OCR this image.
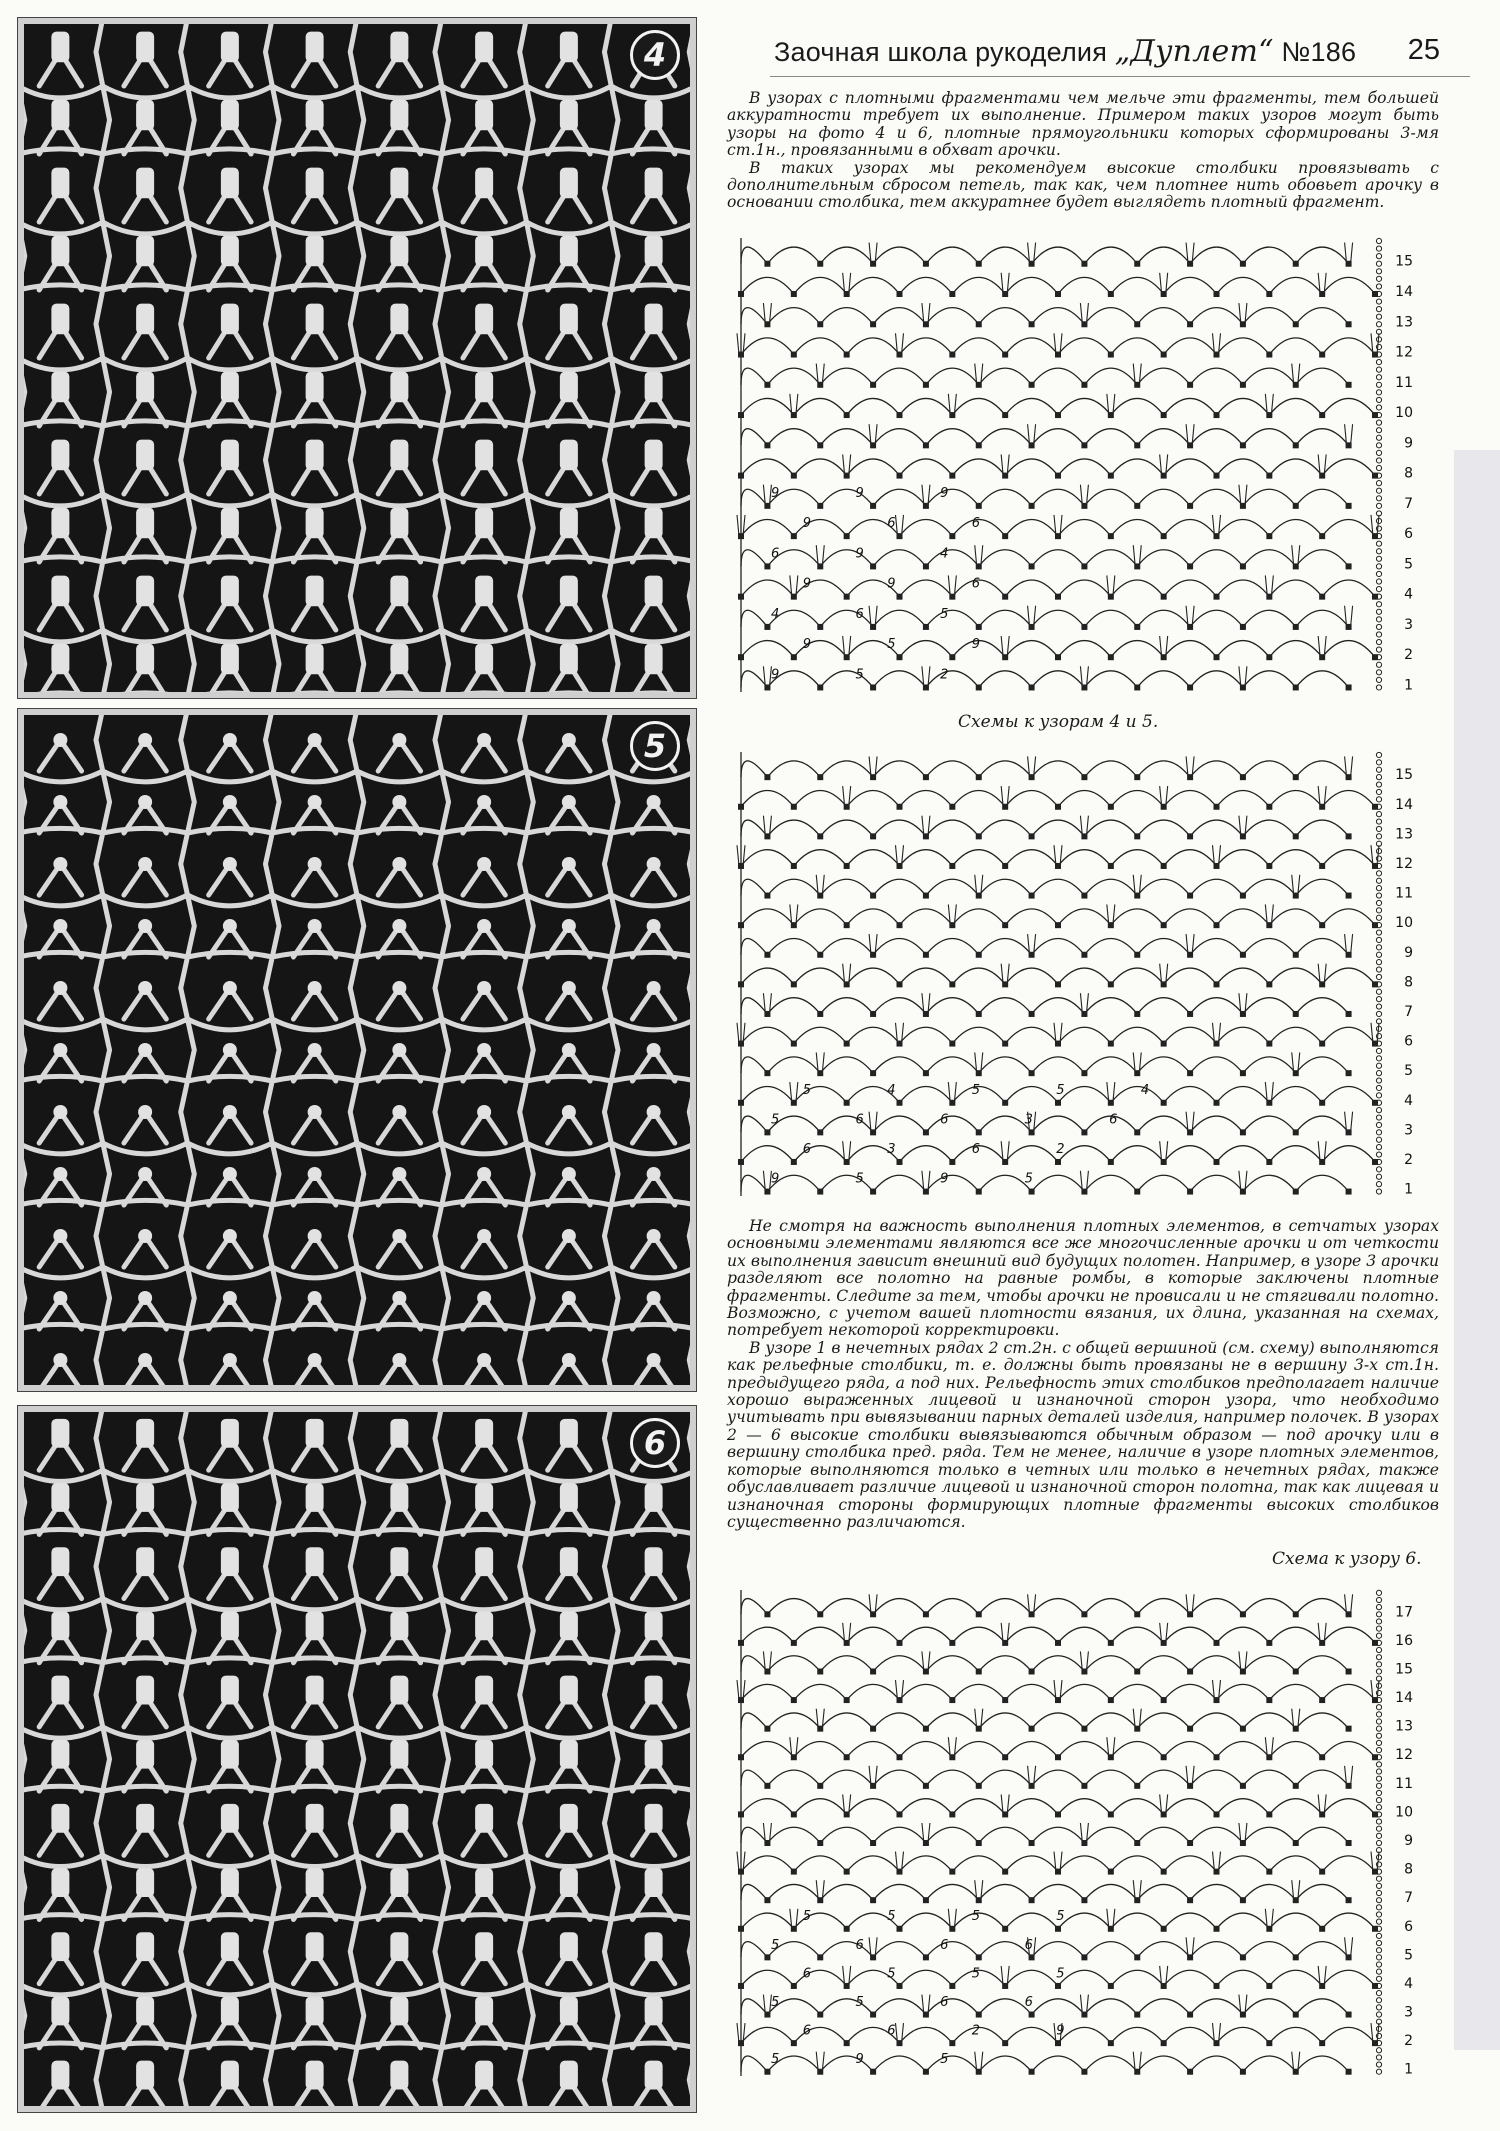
4
5
6
Заочная школа рукоделия „Дуплет“ №186 25

В узорах с плотными фрагментами чем мельче эти фрагменты, тем большей аккуратности требует их выполнение. Примером таких узоров могут быть узоры на фото 4 и 6, плотные прямоугольники которых сформированы 3-мя ст.1н., провязанными в обхват арочки.

В таких узорах мы рекомендуем высокие столбики провязывать с дополнительным сбросом петель, так как, чем плотнее нить обовьет арочку в основании столбика, тем аккуратнее будет выглядеть плотный фрагмент.

15
14
13
12
11
10
9
8
7
6
5
4
3
2
1
9	9	9
9	6	6
6	9	4
9	9	6
4	6	5
9	5	9
9	5	2
Схемы к узорам 4 и 5.
15
14
13
12
11
10
9
8
7
6
5
4
3
2
1
5	4	5	5	4
5	6	6	3	6
6	3	6	2
9	5	9	5

Не смотря на важность выполнения плотных элементов, в сетчатых узорах основными элементами являются все же многочисленные арочки и от четкости их выполнения зависит внешний вид будущих полотен. Например, в узоре 3 арочки разделяют все полотно на равные ромбы, в которые заключены плотные фрагменты. Следите за тем, чтобы арочки не провисали и не стягивали полотно. Возможно, с учетом вашей плотности вязания, их длина, указанная на схемах, потребует некоторой корректировки.

В узоре 1 в нечетных рядах 2 ст.2н. с общей вершиной (см. схему) выполняются как рельефные столбики, т. е. должны быть провязаны не в вершину 3-х ст.1н. предыдущего ряда, а под них. Рельефность этих столбиков предполагает наличие хорошо выраженных лицевой и изнаночной сторон узора, что необходимо учитывать при вывязывании парных деталей изделия, например полочек. В узорах 2 — 6 высокие столбики вывязываются обычным образом — под арочку или в вершину столбика пред. ряда. Тем не менее, наличие в узоре плотных элементов, которые выполняются только в четных или только в нечетных рядах, также обуславливает различие лицевой и изнаночной сторон полотна, так как лицевая и изнаночная стороны формирующих плотные фрагменты высоких столбиков существенно различаются.

Схема к узору 6.
17
16
15
14
13
12
11
10
9
8
7
6
5
4
3
2
1
5	5	5	5
5	6	6	6
6	5	5	5
5	5	6	6
6	6	2	9
5	9	5
